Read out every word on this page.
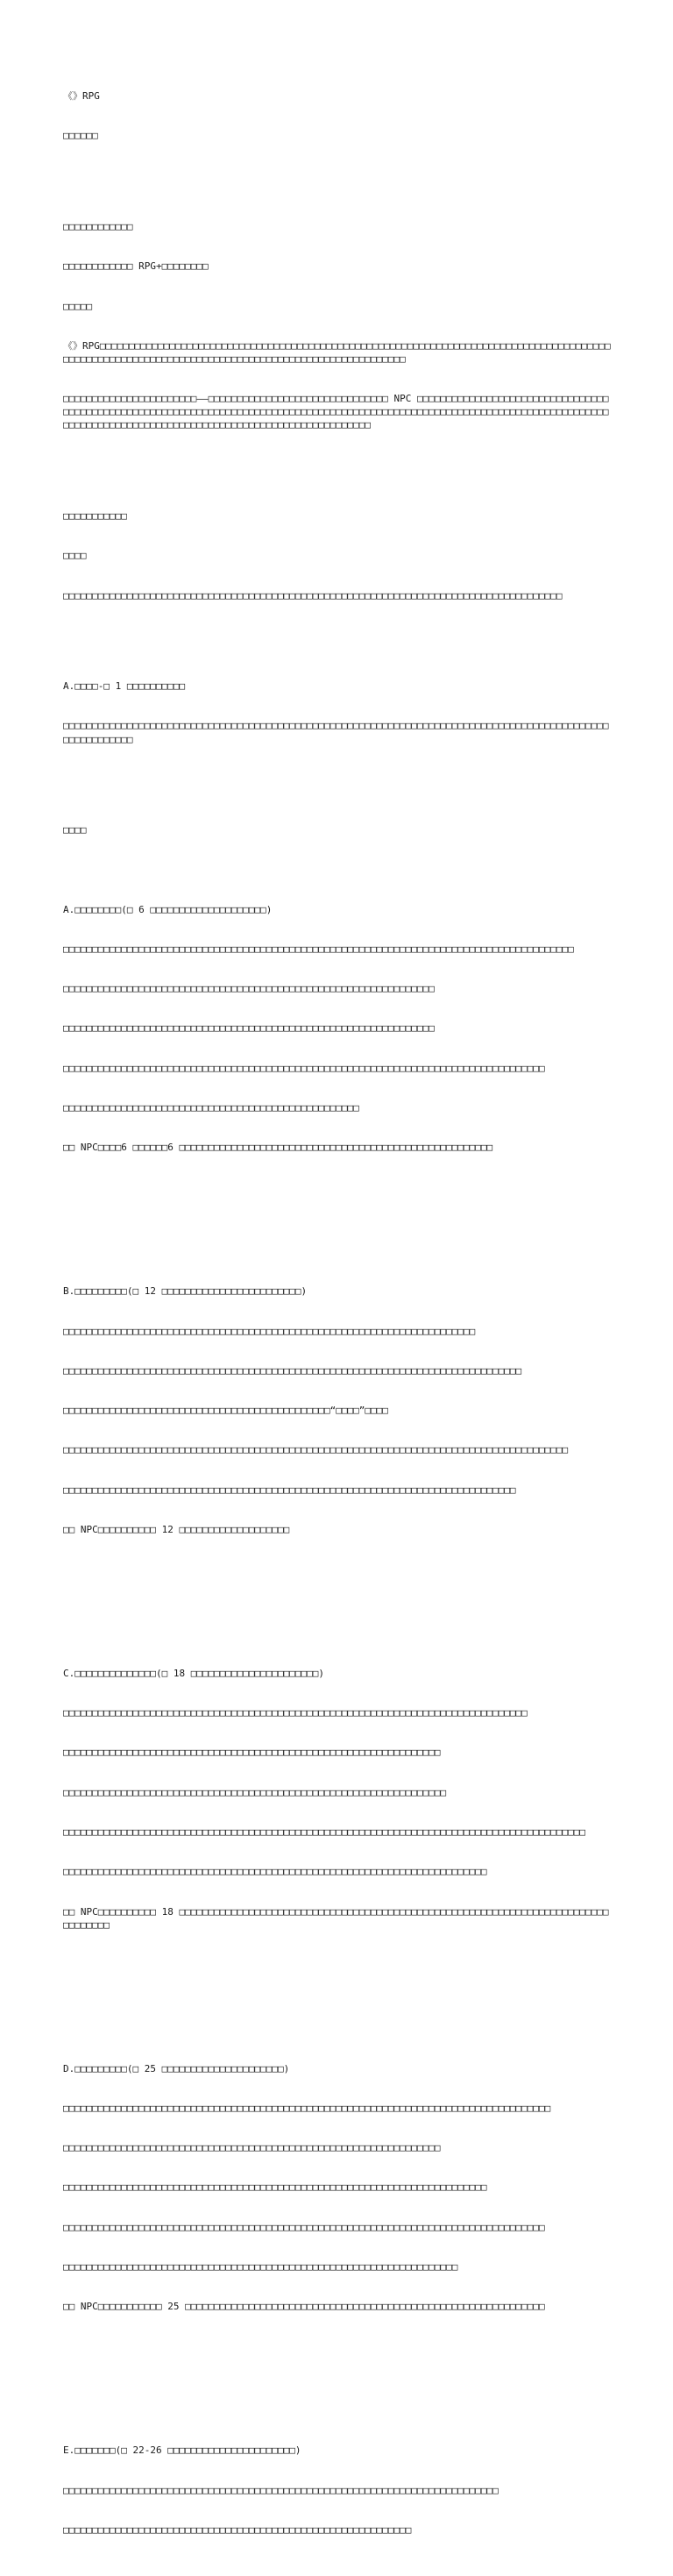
《》RPG

□□□□□□

□□□□□□□□□□□□

□□□□□□□□□□□□ RPG+□□□□□□□□

□□□□□

《》RPG□□□□□□□□□□□□□□□□□□□□□□□□□□□□□□□□□□□□□□□□□□□□□□□□□□□□□□□□□□□□□□□□□□□□□□□□□□□□□□□□□□□□□□□□□□□□□□□□□□□□□□□□□□□□□□□□□□□□□□□□□□□□□□□□□□□□□□□□□□□□□□□□□□□

□□□□□□□□□□□□□□□□□□□□□□□——□□□□□□□□□□□□□□□□□□□□□□□□□□□□□□□ NPC □□□□□□□□□□□□□□□□□□□□□□□□□□□□□□□□□□□□□□□□□□□□□□□□□□□□□□□□□□□□□□□□□□□□□□□□□□□□□□□□□□□□□□□□□□□□□□□□□□□□□□□□□□□□□□□□□□□□□□□□□□□□□□□□□□□□□□□□□□□□□□□□□□□□□□□□□□□□□□□□□□□□□□□□□□□□□□□□□□□□

□□□□□□□□□□□

□□□□

□□□□□□□□□□□□□□□□□□□□□□□□□□□□□□□□□□□□□□□□□□□□□□□□□□□□□□□□□□□□□□□□□□□□□□□□□□□□□□□□□□□□□□

A.□□□□-□ 1 □□□□□□□□□□

□□□□□□□□□□□□□□□□□□□□□□□□□□□□□□□□□□□□□□□□□□□□□□□□□□□□□□□□□□□□□□□□□□□□□□□□□□□□□□□□□□□□□□□□□□□□□□□□□□□□□□□□□□

□□□□

A.□□□□□□□□(□ 6 □□□□□□□□□□□□□□□□□□□□)

□□□□□□□□□□□□□□□□□□□□□□□□□□□□□□□□□□□□□□□□□□□□□□□□□□□□□□□□□□□□□□□□□□□□□□□□□□□□□□□□□□□□□□□□

□□□□□□□□□□□□□□□□□□□□□□□□□□□□□□□□□□□□□□□□□□□□□□□□□□□□□□□□□□□□□□□□

□□□□□□□□□□□□□□□□□□□□□□□□□□□□□□□□□□□□□□□□□□□□□□□□□□□□□□□□□□□□□□□□

□□□□□□□□□□□□□□□□□□□□□□□□□□□□□□□□□□□□□□□□□□□□□□□□□□□□□□□□□□□□□□□□□□□□□□□□□□□□□□□□□□□

□□□□□□□□□□□□□□□□□□□□□□□□□□□□□□□□□□□□□□□□□□□□□□□□□□□

□□ NPC□□□□6 □□□□□□6 □□□□□□□□□□□□□□□□□□□□□□□□□□□□□□□□□□□□□□□□□□□□□□□□□□□□□□

B.□□□□□□□□□(□ 12 □□□□□□□□□□□□□□□□□□□□□□□□)

□□□□□□□□□□□□□□□□□□□□□□□□□□□□□□□□□□□□□□□□□□□□□□□□□□□□□□□□□□□□□□□□□□□□□□□

□□□□□□□□□□□□□□□□□□□□□□□□□□□□□□□□□□□□□□□□□□□□□□□□□□□□□□□□□□□□□□□□□□□□□□□□□□□□□□□

□□□□□□□□□□□□□□□□□□□□□□□□□□□□□□□□□□□□□□□□□□□□□□“□□□□”□□□□

□□□□□□□□□□□□□□□□□□□□□□□□□□□□□□□□□□□□□□□□□□□□□□□□□□□□□□□□□□□□□□□□□□□□□□□□□□□□□□□□□□□□□□□

□□□□□□□□□□□□□□□□□□□□□□□□□□□□□□□□□□□□□□□□□□□□□□□□□□□□□□□□□□□□□□□□□□□□□□□□□□□□□□

□□ NPC□□□□□□□□□□ 12 □□□□□□□□□□□□□□□□□□□

C.□□□□□□□□□□□□□□(□ 18 □□□□□□□□□□□□□□□□□□□□□□)

□□□□□□□□□□□□□□□□□□□□□□□□□□□□□□□□□□□□□□□□□□□□□□□□□□□□□□□□□□□□□□□□□□□□□□□□□□□□□□□□

□□□□□□□□□□□□□□□□□□□□□□□□□□□□□□□□□□□□□□□□□□□□□□□□□□□□□□□□□□□□□□□□□

□□□□□□□□□□□□□□□□□□□□□□□□□□□□□□□□□□□□□□□□□□□□□□□□□□□□□□□□□□□□□□□□□□

□□□□□□□□□□□□□□□□□□□□□□□□□□□□□□□□□□□□□□□□□□□□□□□□□□□□□□□□□□□□□□□□□□□□□□□□□□□□□□□□□□□□□□□□□□

□□□□□□□□□□□□□□□□□□□□□□□□□□□□□□□□□□□□□□□□□□□□□□□□□□□□□□□□□□□□□□□□□□□□□□□□□

□□ NPC□□□□□□□□□□ 18 □□□□□□□□□□□□□□□□□□□□□□□□□□□□□□□□□□□□□□□□□□□□□□□□□□□□□□□□□□□□□□□□□□□□□□□□□□□□□□□□□□

D.□□□□□□□□□(□ 25 □□□□□□□□□□□□□□□□□□□□□)

□□□□□□□□□□□□□□□□□□□□□□□□□□□□□□□□□□□□□□□□□□□□□□□□□□□□□□□□□□□□□□□□□□□□□□□□□□□□□□□□□□□□

□□□□□□□□□□□□□□□□□□□□□□□□□□□□□□□□□□□□□□□□□□□□□□□□□□□□□□□□□□□□□□□□□

□□□□□□□□□□□□□□□□□□□□□□□□□□□□□□□□□□□□□□□□□□□□□□□□□□□□□□□□□□□□□□□□□□□□□□□□□

□□□□□□□□□□□□□□□□□□□□□□□□□□□□□□□□□□□□□□□□□□□□□□□□□□□□□□□□□□□□□□□□□□□□□□□□□□□□□□□□□□□

□□□□□□□□□□□□□□□□□□□□□□□□□□□□□□□□□□□□□□□□□□□□□□□□□□□□□□□□□□□□□□□□□□□□

□□ NPC□□□□□□□□□□□ 25 □□□□□□□□□□□□□□□□□□□□□□□□□□□□□□□□□□□□□□□□□□□□□□□□□□□□□□□□□□□□□□

E.□□□□□□□(□ 22-26 □□□□□□□□□□□□□□□□□□□□□□)

□□□□□□□□□□□□□□□□□□□□□□□□□□□□□□□□□□□□□□□□□□□□□□□□□□□□□□□□□□□□□□□□□□□□□□□□□□□

□□□□□□□□□□□□□□□□□□□□□□□□□□□□□□□□□□□□□□□□□□□□□□□□□□□□□□□□□□□□
